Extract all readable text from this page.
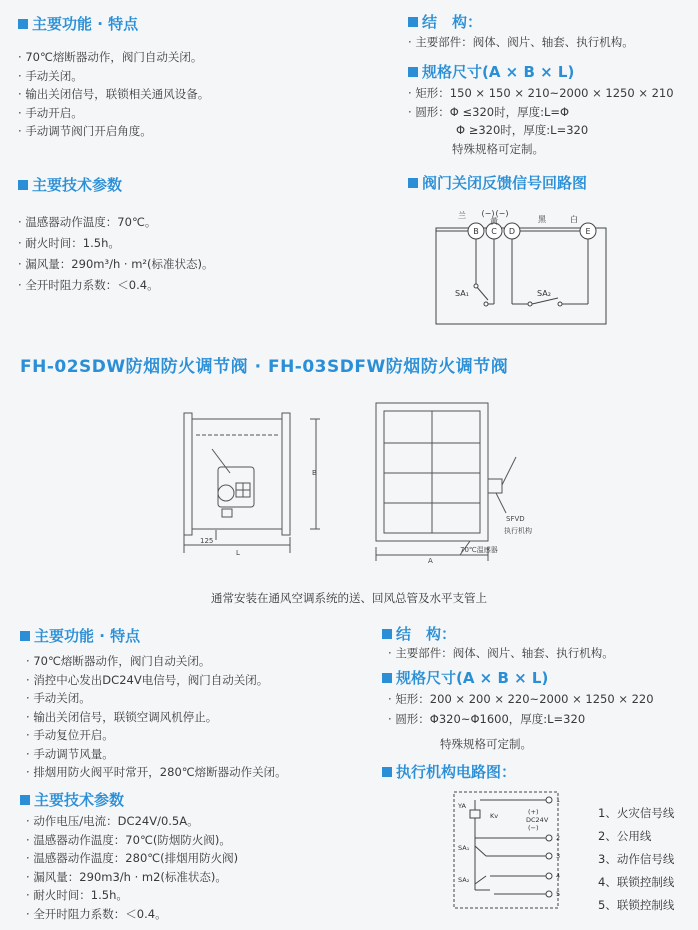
主要功能 · 特点
· 70℃熔断器动作，阀门自动关闭。
· 手动关闭。
· 输出关闭信号，联锁相关通风设备。
· 手动开启。
· 手动调节阀门开启角度。
主要技术参数
· 温感器动作温度：70℃。
· 耐火时间：1.5h。
· 漏风量：290m³/h · m²(标准状态)。
· 全开时阻力系数：＜0.4。
结　构：
· 主要部件：阀体、阀片、轴套、执行机构。
规格尺寸(A × B × L)
· 矩形：150 × 150 × 210~2000 × 1250 × 210
· 圆形：Φ ≤320时，厚度:L=Φ
Φ ≥320时，厚度:L=320
特殊规格可定制。
阀门关闭反馈信号回路图
B C D	E
兰 (−) (−)
黄	黑	白
SA₁	SA₂
FH-02SDW防烟防火调节阀 · FH-03SDFW防烟防火调节阀
125
L
B
A
SFVD
执行机构
70℃温感器
通常安装在通风空调系统的送、回风总管及水平支管上
主要功能 · 特点
· 70℃熔断器动作，阀门自动关闭。
· 消控中心发出DC24V电信号，阀门自动关闭。
· 手动关闭。
· 输出关闭信号，联锁空调风机停止。
· 手动复位开启。
· 手动调节风量。
· 排烟用防火阀平时常开，280℃熔断器动作关闭。
主要技术参数
· 动作电压/电流：DC24V/0.5A。
· 温感器动作温度：70℃(防烟防火阀)。
· 温感器动作温度：280℃(排烟用防火阀)
· 漏风量：290m3/h · m2(标准状态)。
· 耐火时间：1.5h。
· 全开时阻力系数：＜0.4。
结　构：
· 主要部件：阀体、阀片、轴套、执行机构。
规格尺寸(A × B × L)
· 矩形：200 × 200 × 220~2000 × 1250 × 220
· 圆形：Φ320~Φ1600，厚度:L=320
特殊规格可定制。
执行机构电路图：
1
2
3
4
5
YA
Kv	(+)
DC24V
(−)
SA₁
SA₂
1、火灾信号线
2、公用线
3、动作信号线
4、联锁控制线
5、联锁控制线
